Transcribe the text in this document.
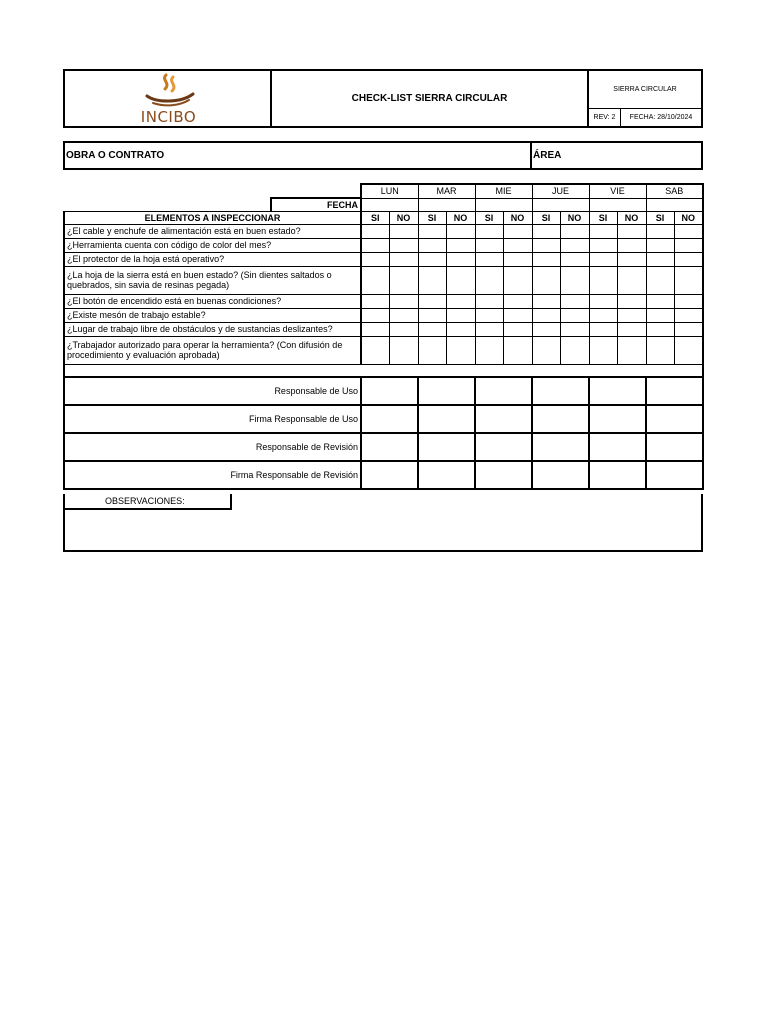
INCIBO
CHECK-LIST SIERRA CIRCULAR
SIERRA CIRCULAR
REV: 2	FECHA: 28/10/2024
OBRA O CONTRATO	ÁREA
		LUN		MAR		MIE		JUE		VIE		SAB	
	FECHA												
ELEMENTOS A INSPECCIONAR		SI	NO	SI	NO	SI	NO	SI	NO	SI	NO	SI	NO
¿El cable y enchufe de alimentación está en buen estado?													
¿Herramienta cuenta con código de color del mes?													
¿El protector de la hoja está operativo?													
¿La hoja de la sierra está en buen estado? (Sin dientes saltados o quebrados, sin savia de resinas pegada)													
¿El botón de encendido está en buenas condiciones?													
¿Existe mesón de trabajo estable?													
¿Lugar de trabajo libre de obstáculos y de sustancias deslizantes?													
¿Trabajador autorizado para operar la herramienta? (Con difusión de procedimiento y evaluación aprobada)													

Responsable de Uso													
Firma Responsable de Uso													
Responsable de Revisión													
Firma Responsable de Revisión													
OBSERVACIONES:
